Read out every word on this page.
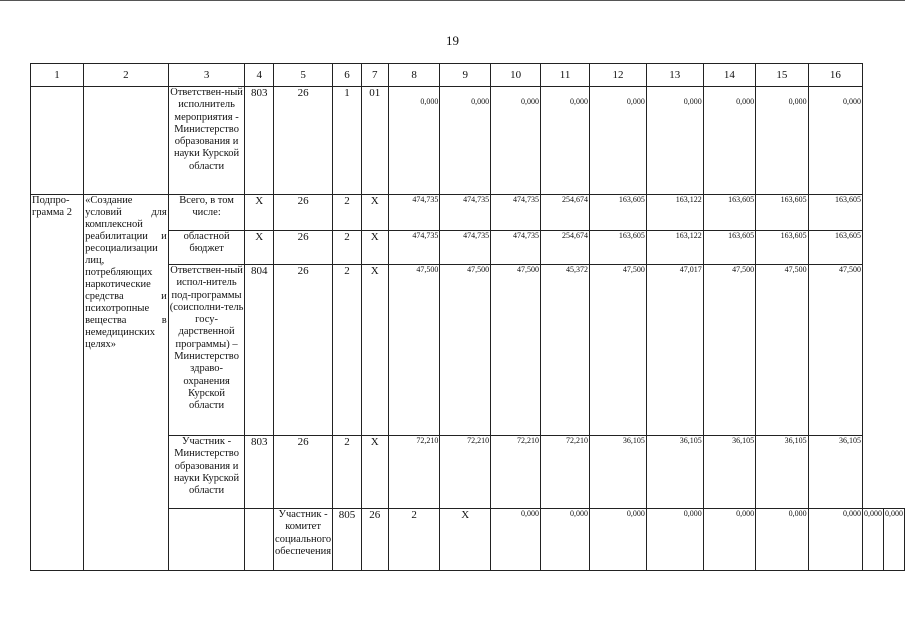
19
1	2	3	4	5	6	7	8	9	10	11	12	13	14	15	16		
		Ответствен-ный исполнитель мероприятия - Министерство образования и науки Курской области	803	26	1	01	0,000	0,000	0,000	0,000	0,000	0,000	0,000	0,000	0,000		
Подпро-грамма 2	«Создание условий для комплексной реабилитации и ресоциализации лиц, потребляющих наркотические средства и психотропные вещества в немедицинских целях»	Всего, в том числе:	Х	26	2	Х	474,735	474,735	474,735	254,674	163,605	163,122	163,605	163,605	163,605		
		областной бюджет	Х	26	2	Х	474,735	474,735	474,735	254,674	163,605	163,122	163,605	163,605	163,605		
		Ответствен-ный испол-нитель под-программы (соисполни-тель госу-дарственной программы) – Министерство здраво-охранения Курской области	804	26	2	Х	47,500	47,500	47,500	45,372	47,500	47,017	47,500	47,500	47,500		
		Участник - Министерство образования и науки Курской области	803	26	2	Х	72,210	72,210	72,210	72,210	36,105	36,105	36,105	36,105	36,105		
				Участник - комитет социального обеспечения	805	26	2	Х	0,000	0,000	0,000	0,000	0,000	0,000	0,000	0,000	0,000
